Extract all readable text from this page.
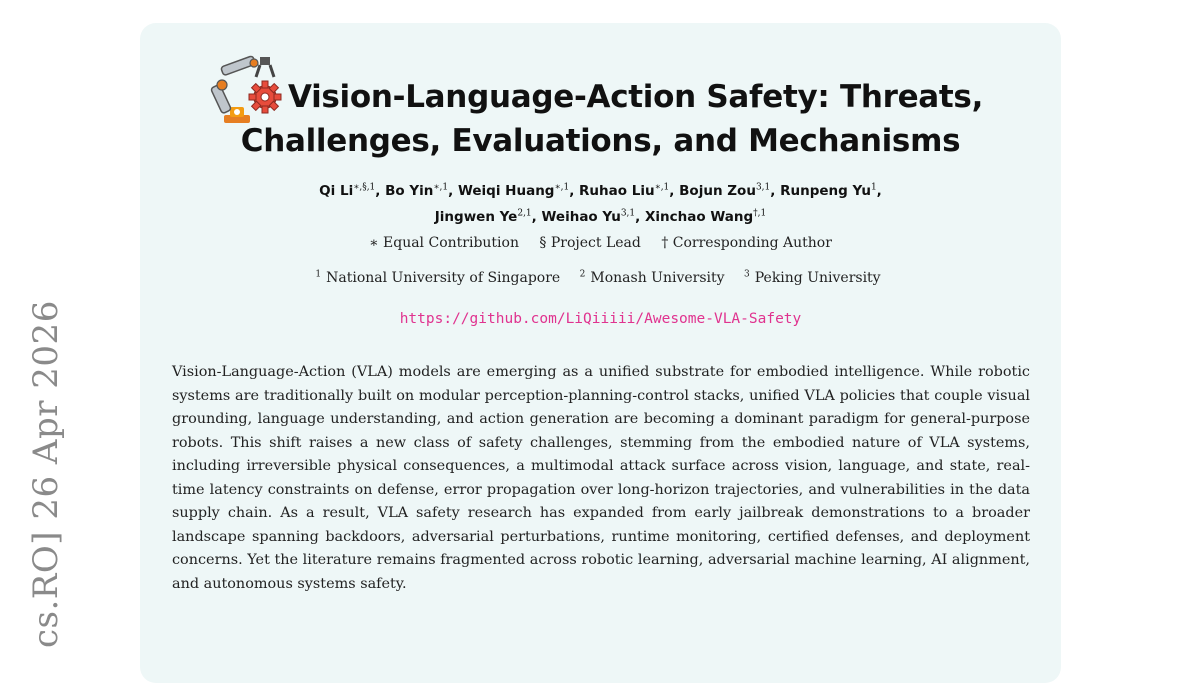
cs.RO] 26 Apr 2026
Vision-Language-Action Safety: Threats,
Challenges, Evaluations, and Mechanisms
Qi $Li^{∗,\S,1}$, Bo Yin$^{∗,1}$, Weiqi Huang$^{∗,1}$, Ruhao Liu$^{∗,1}$, Bojun Zou$^{3,1}$, Runpeng Yu$^1$,
Jingwen Ye$^{2,1}$, Weihao Yu$^{3,1}$, Xinchao Wang$^{\dagger,1}$
∗ Equal Contribution § Project Lead † Corresponding Author
$^1$ National University of Singapore $^2$ Monash University $^3$ Peking University
https://github.com/LiQiiiii/Awesome-VLA-Safety

Vision-Language-Action (VLA) models are emerging as a unified substrate for embodied intelligence. While robotic systems are traditionally built on modular perception-planning-control stacks, unified VLA policies that couple visual grounding, language understanding, and action generation are becoming a dominant paradigm for general-purpose robots. This shift raises a new class of safety challenges, stemming from the embodied nature of VLA systems, including irreversible physical consequences, a multimodal attack surface across vision, language, and state, real-time latency constraints on defense, error propagation over long-horizon trajectories, and vulnerabilities in the data supply chain. As a result, VLA safety research has expanded from early jailbreak demonstrations to a broader landscape spanning backdoors, adversarial perturbations, runtime monitoring, certified defenses, and deployment concerns. Yet the literature remains fragmented across robotic learning, adversarial machine learning, AI alignment, and autonomous systems safety.
